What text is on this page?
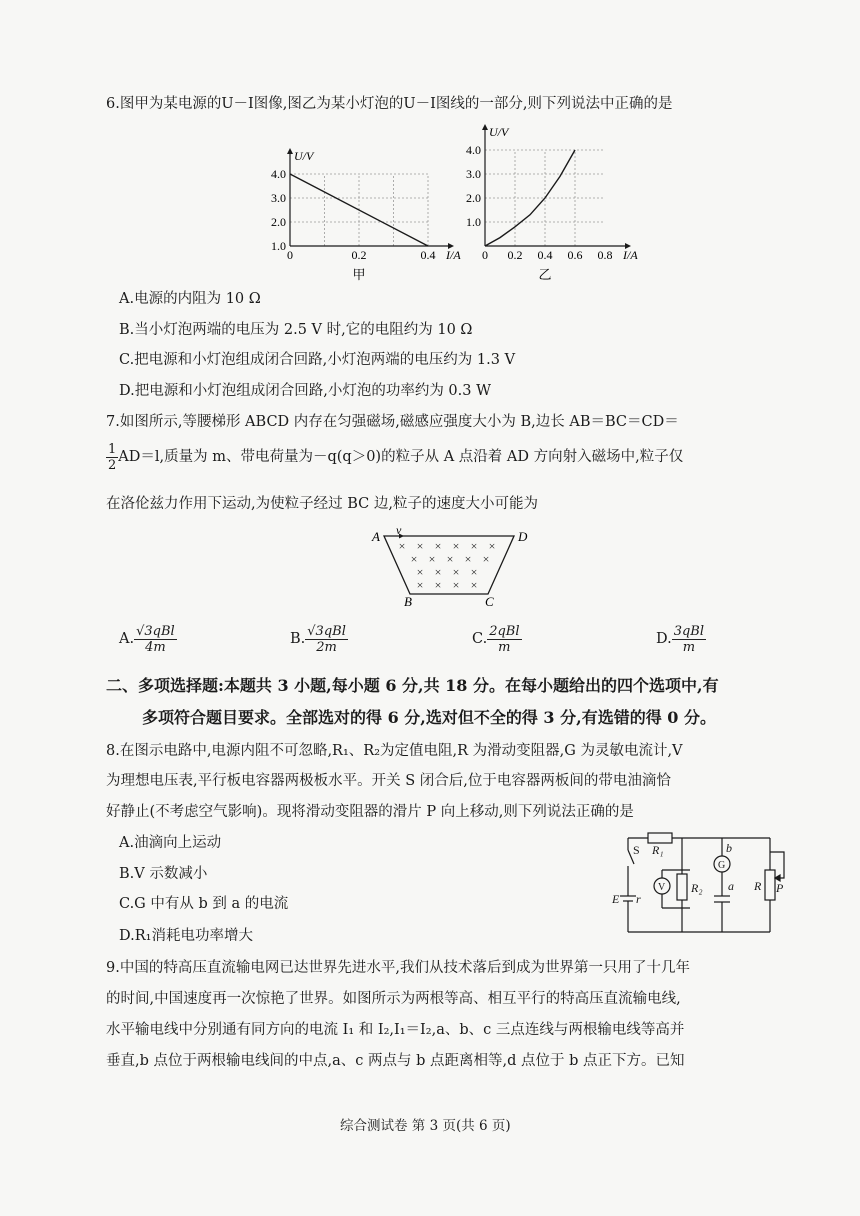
6.图甲为某电源的U－I图像,图乙为某小灯泡的U－I图线的一部分,则下列说法中正确的是
4.0
3.0
2.0
1.0
0	0.2	0.4
U/V
I/A
甲
4.0
3.0
2.0
1.0
0 0.2 0.4 0.6 0.8
U/V
I/A
乙
A.电源的内阻为 10 Ω
B.当小灯泡两端的电压为 2.5 V 时,它的电阻约为 10 Ω
C.把电源和小灯泡组成闭合回路,小灯泡两端的电压约为 1.3 V
D.把电源和小灯泡组成闭合回路,小灯泡的功率约为 0.3 W
7.如图所示,等腰梯形 ABCD 内存在匀强磁场,磁感应强度大小为 B,边长 AB＝BC＝CD＝
$\frac{1}{2} AD=l$,质量为 m、带电荷量为－q(q＞0)的粒子从 A 点沿着 AD 方向射入磁场中,粒子仅
在洛伦兹力作用下运动,为使粒子经过 BC 边,粒子的速度大小可能为
× × × × × ×
× × × × ×
× × × ×
× × × ×
v
A	D
B	C
A. $\frac{\text{√3qBl}}{4m}$	B. $\frac{\text{√3qBl}}{2m}$	C. $\frac{\text{2qBl}}{m}$	D. $\frac{\text{3qBl}}{m}$
二、多项选择题:本题共 3 小题,每小题 6 分,共 18 分。在每小题给出的四个选项中,有
多项符合题目要求。全部选对的得 6 分,选对但不全的得 3 分,有选错的得 0 分。
8.在图示电路中,电源内阻不可忽略,R₁、R₂为定值电阻,R 为滑动变阻器,G 为灵敏电流计,V
为理想电压表,平行板电容器两极板水平。开关 S 闭合后,位于电容器两板间的带电油滴恰
好静止(不考虑空气影响)。现将滑动变阻器的滑片 P 向上移动,则下列说法正确的是
A.油滴向上运动
B.V 示数减小
C.G 中有从 b 到 a 的电流
D.R₁消耗电功率增大
R₁
S
V R₂
G
b
a R P
E r
9.中国的特高压直流输电网已达世界先进水平,我们从技术落后到成为世界第一只用了十几年
的时间,中国速度再一次惊艳了世界。如图所示为两根等高、相互平行的特高压直流输电线,
水平输电线中分别通有同方向的电流 I₁ 和 I₂,I₁＝I₂,a、b、c 三点连线与两根输电线等高并
垂直,b 点位于两根输电线间的中点,a、c 两点与 b 点距离相等,d 点位于 b 点正下方。已知
综合测试卷 第 3 页(共 6 页)
